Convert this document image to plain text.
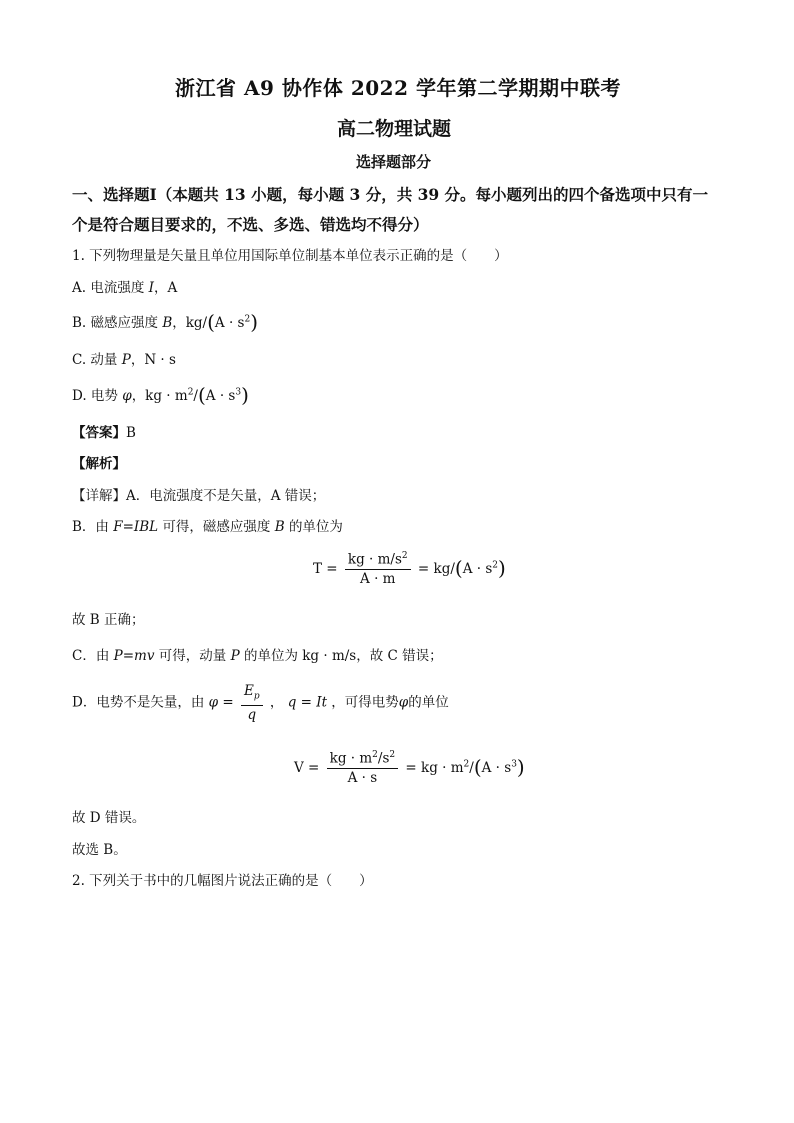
浙江省 A9 协作体 2022 学年第二学期期中联考
高二物理试题
选择题部分
一、选择题Ⅰ（本题共 13 小题，每小题 3 分，共 39 分。每小题列出的四个备选项中只有一
个是符合题目要求的，不选、多选、错选均不得分）
1. 下列物理量是矢量且单位用国际单位制基本单位表示正确的是（　　）
A. 电流强度 I，A
B. 磁感应强度 B，$kg/(A \cdot s^2)$
C. 动量 P，N · s
D. 电势 φ，kg · $m^2/(A \cdot s^3)$
【答案】B
【解析】
【详解】A．电流强度不是矢量，A 错误；
B．由 F=IBL 可得，磁感应强度 B 的单位为
$T = \frac{kg \cdot m/s^2}{A \cdot m} = kg/(A \cdot s^2)$
故 B 正确；
C．由 P=mv 可得，动量 P 的单位为 kg · m/s，故 C 错误；
D．电势不是矢量，由 $\varphi = \frac{E_p}{q}$ ， q = It ，可得电势φ的单位
$V = \frac{kg \cdot m^2/s^2}{A \cdot s}$ = kg · $m^2/(A \cdot s^3)$
故 D 错误。
故选 B。
2. 下列关于书中的几幅图片说法正确的是（　　）
